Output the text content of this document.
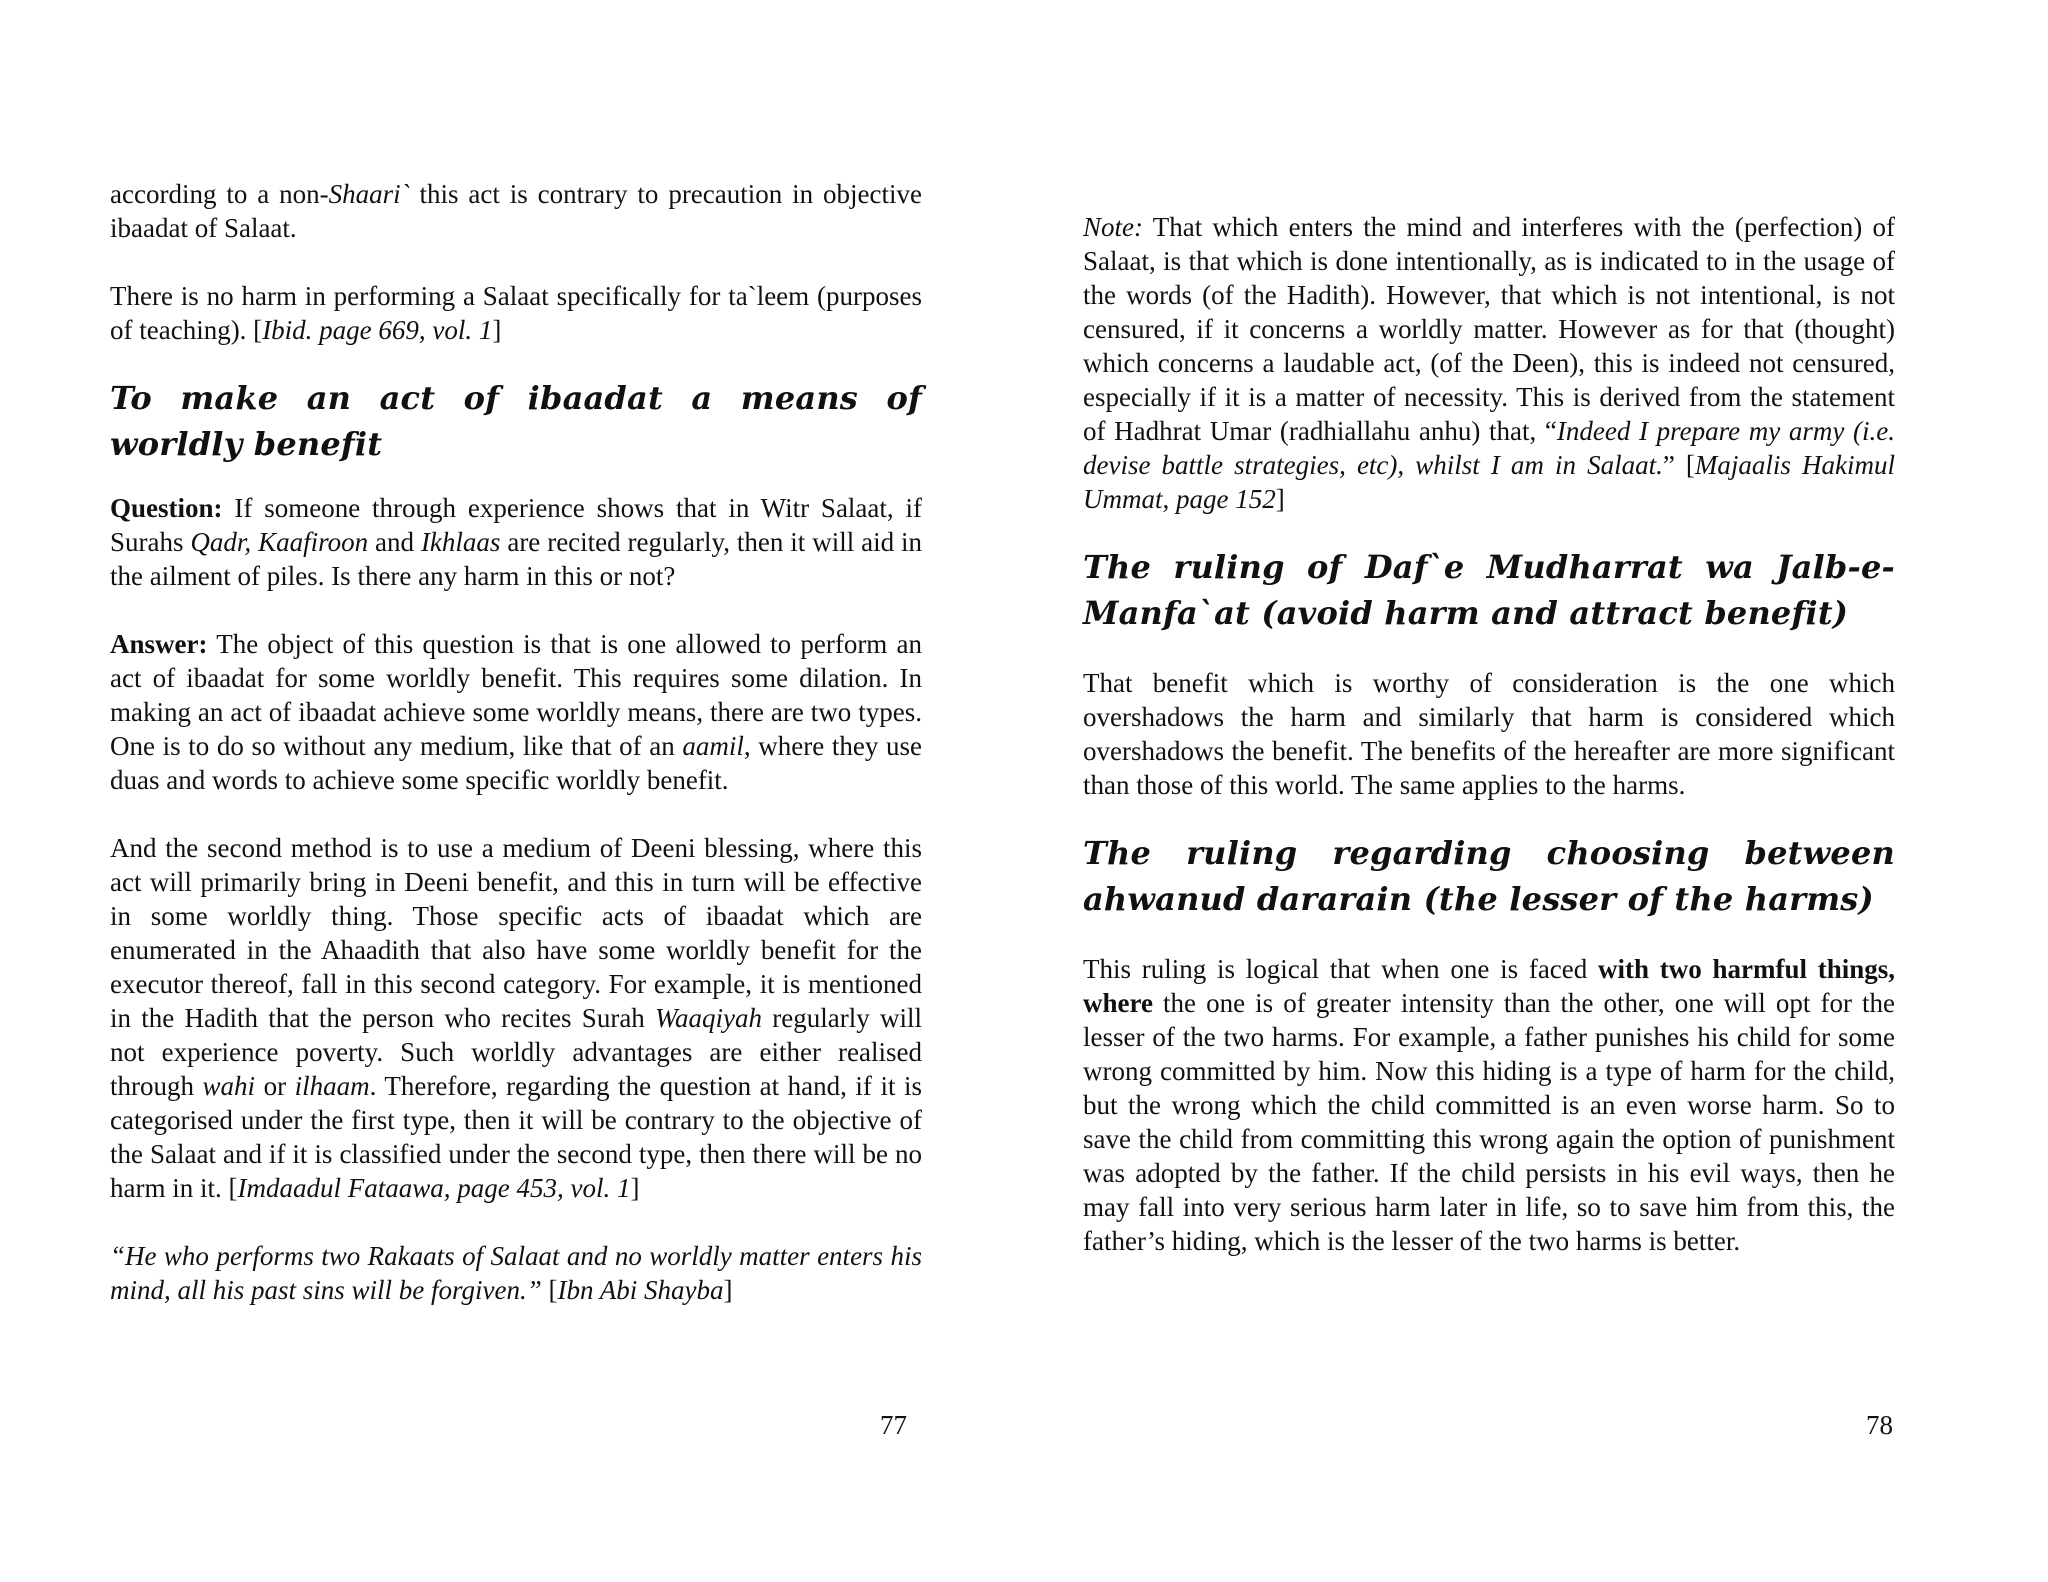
according to a non-Shaari` this act is contrary to precaution in objective ibaadat of Salaat.

There is no harm in performing a Salaat specifically for ta`leem (purposes of teaching). [Ibid. page 669, vol. 1]

To make an act of ibaadat a means of worldly benefit

Question: If someone through experience shows that in Witr Salaat, if Surahs Qadr, Kaafiroon and Ikhlaas are recited regularly, then it will aid in the ailment of piles. Is there any harm in this or not?

Answer: The object of this question is that is one allowed to perform an act of ibaadat for some worldly benefit. This requires some dilation. In making an act of ibaadat achieve some worldly means, there are two types. One is to do so without any medium, like that of an aamil, where they use duas and words to achieve some specific worldly benefit.

And the second method is to use a medium of Deeni blessing, where this act will primarily bring in Deeni benefit, and this in turn will be effective in some worldly thing. Those specific acts of ibaadat which are enumerated in the Ahaadith that also have some worldly benefit for the executor thereof, fall in this second category. For example, it is mentioned in the Hadith that the person who recites Surah Waaqiyah regularly will not experience poverty. Such worldly advantages are either realised through wahi or ilhaam. Therefore, regarding the question at hand, if it is categorised under the first type, then it will be contrary to the objective of the Salaat and if it is classified under the second type, then there will be no harm in it. [Imdaadul Fataawa, page 453, vol. 1]

“He who performs two Rakaats of Salaat and no worldly matter enters his mind, all his past sins will be forgiven.” [Ibn Abi Shayba]

77

Note: That which enters the mind and interferes with the (perfection) of Salaat, is that which is done intentionally, as is indicated to in the usage of the words (of the Hadith). However, that which is not intentional, is not censured, if it concerns a worldly matter. However as for that (thought) which concerns a laudable act, (of the Deen), this is indeed not censured, especially if it is a matter of necessity. This is derived from the statement of Hadhrat Umar (radhiallahu anhu) that, “Indeed I prepare my army (i.e. devise battle strategies, etc), whilst I am in Salaat.” [Majaalis Hakimul Ummat, page 152]

The ruling of Daf`e Mudharrat wa Jalb-e-Manfa`at (avoid harm and attract benefit)

That benefit which is worthy of consideration is the one which overshadows the harm and similarly that harm is considered which overshadows the benefit. The benefits of the hereafter are more significant than those of this world. The same applies to the harms.

The ruling regarding choosing between ahwanud dararain (the lesser of the harms)

This ruling is logical that when one is faced with two harmful things, where the one is of greater intensity than the other, one will opt for the lesser of the two harms. For example, a father punishes his child for some wrong committed by him. Now this hiding is a type of harm for the child, but the wrong which the child committed is an even worse harm. So to save the child from committing this wrong again the option of punishment was adopted by the father. If the child persists in his evil ways, then he may fall into very serious harm later in life, so to save him from this, the father’s hiding, which is the lesser of the two harms is better.

78
